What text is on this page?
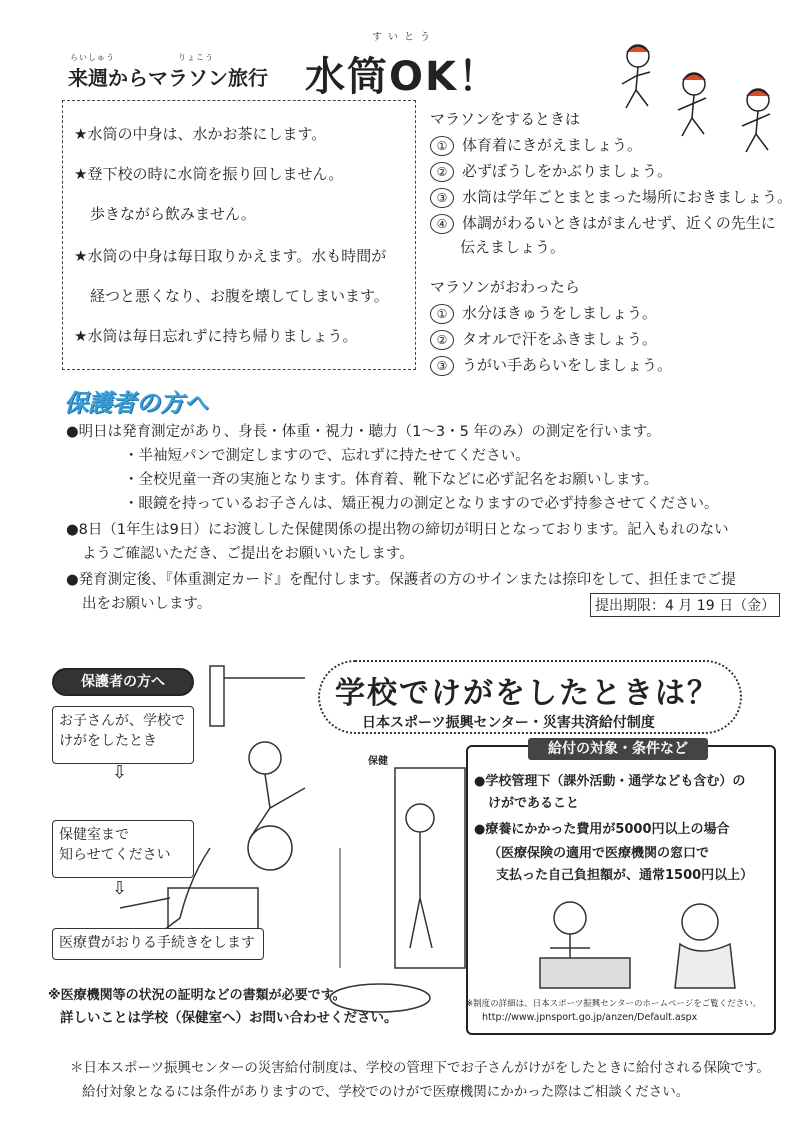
らいしゅう　　　　　　　りょこう
来週からマラソン旅行
すいとう
水筒OK！
★水筒の中身は、水かお茶にします。
★登下校の時に水筒を振り回しません。
歩きながら飲みません。
★水筒の中身は毎日取りかえます。水も時間が
経つと悪くなり、お腹を壊してしまいます。
★水筒は毎日忘れずに持ち帰りましょう。
マラソンをするときは
① 体育着にきがえましょう。
② 必ずぼうしをかぶりましょう。
③ 水筒は学年ごとまとまった場所におきましょう。
④ 体調がわるいときはがまんせず、近くの先生に
伝えましょう。
マラソンがおわったら
① 水分ほきゅうをしましょう。
② タオルで汗をふきましょう。
③ うがい手あらいをしましょう。
保護者の方へ
●明日は発育測定があり、身長・体重・視力・聴力（1〜3・5 年のみ）の測定を行います。
・半袖短パンで測定しますので、忘れずに持たせてください。
・全校児童一斉の実施となります。体育着、靴下などに必ず記名をお願いします。
・眼鏡を持っているお子さんは、矯正視力の測定となりますので必ず持参させてください。
●8日（1年生は9日）にお渡しした保健関係の提出物の締切が明日となっております。記入もれのない
ようご確認いただき、ご提出をお願いいたします。
●発育測定後、『体重測定カード』を配付します。保護者の方のサインまたは捺印をして、担任までご提
出をお願いします。	提出期限：4 月 19 日（金）
保護者の方へ
お子さんが、学校で
けがをしたとき
⇩
保健室まで
知らせてください
⇩
医療費がおりる手続きをします
※医療機関等の状況の証明などの書類が必要です。
詳しいことは学校（保健室へ）お問い合わせください。
保健
学校でけがをしたときは？
日本スポーツ振興センター・災害共済給付制度
給付の対象・条件など
●学校管理下（課外活動・通学なども含む）の
けがであること
●療養にかかった費用が5000円以上の場合
（医療保険の適用で医療機関の窓口で
支払った自己負担額が、通常1500円以上）
※制度の詳細は、日本スポーツ振興センターのホームページをご覧ください。
http://www.jpnsport.go.jp/anzen/Default.aspx
＊日本スポーツ振興センターの災害給付制度は、学校の管理下でお子さんがけがをしたときに給付される保険です。
給付対象となるには条件がありますので、学校でのけがで医療機関にかかった際はご相談ください。
